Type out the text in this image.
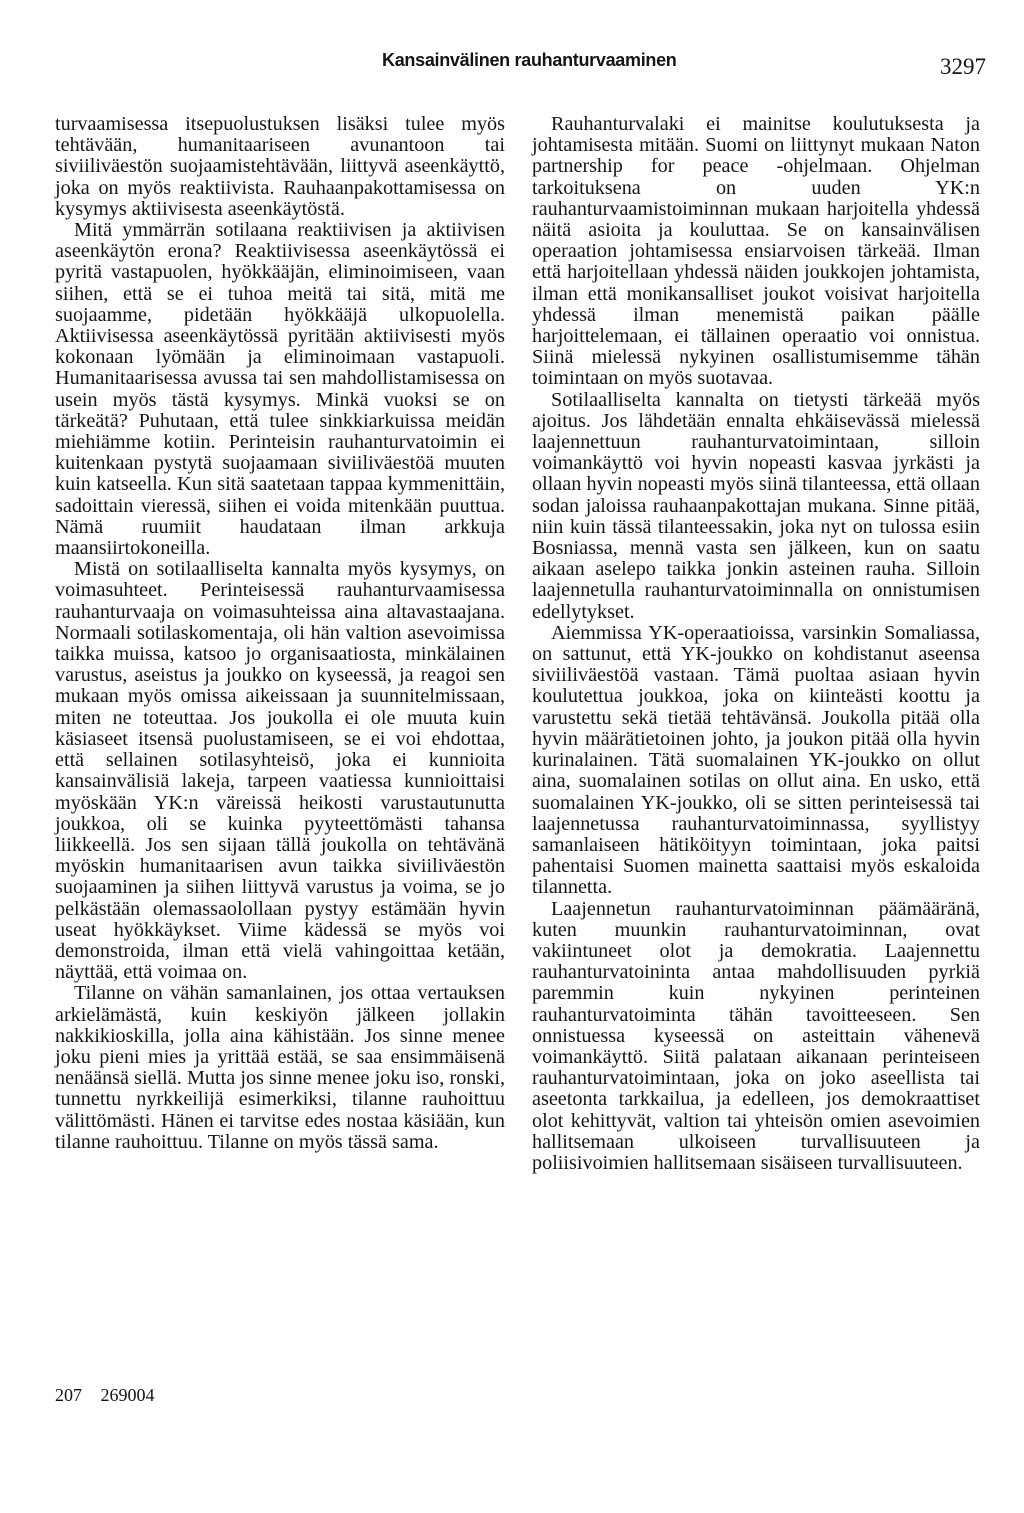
Kansainvälinen rauhanturvaaminen	3297

turvaamisessa itsepuolustuksen lisäksi tulee myös tehtävään, humanitaariseen avunantoon tai siviiliväestön suojaamistehtävään, liittyvä aseenkäyttö, joka on myös reaktiivista. Rauhaanpakottamisessa on kysymys aktiivisesta aseenkäytöstä.

Mitä ymmärrän sotilaana reaktiivisen ja aktiivisen aseenkäytön erona? Reaktiivisessa aseenkäytössä ei pyritä vastapuolen, hyökkääjän, eliminoimiseen, vaan siihen, että se ei tuhoa meitä tai sitä, mitä me suojaamme, pidetään hyökkääjä ulkopuolella. Aktiivisessa aseenkäytössä pyritään aktiivisesti myös kokonaan lyömään ja eliminoimaan vastapuoli. Humanitaarisessa avussa tai sen mahdollistamisessa on usein myös tästä kysymys. Minkä vuoksi se on tärkeätä? Puhutaan, että tulee sinkkiarkuissa meidän miehiämme kotiin. Perinteisin rauhanturvatoimin ei kuitenkaan pystytä suojaamaan siviiliväestöä muuten kuin katseella. Kun sitä saatetaan tappaa kymmenittäin, sadoittain vieressä, siihen ei voida mitenkään puuttua. Nämä ruumiit haudataan ilman arkkuja maansiirtokoneilla.

Mistä on sotilaalliselta kannalta myös kysymys, on voimasuhteet. Perinteisessä rauhanturvaamisessa rauhanturvaaja on voimasuhteissa aina altavastaajana. Normaali sotilaskomentaja, oli hän valtion asevoimissa taikka muissa, katsoo jo organisaatiosta, minkälainen varustus, aseistus ja joukko on kyseessä, ja reagoi sen mukaan myös omissa aikeissaan ja suunnitelmissaan, miten ne toteuttaa. Jos joukolla ei ole muuta kuin käsiaseet itsensä puolustamiseen, se ei voi ehdottaa, että sellainen sotilasyhteisö, joka ei kunnioita kansainvälisiä lakeja, tarpeen vaatiessa kunnioittaisi myöskään YK:n väreissä heikosti varustautunutta joukkoa, oli se kuinka pyyteettömästi tahansa liikkeellä. Jos sen sijaan tällä joukolla on tehtävänä myöskin humanitaarisen avun taikka siviiliväestön suojaaminen ja siihen liittyvä varustus ja voima, se jo pelkästään olemassaolollaan pystyy estämään hyvin useat hyökkäykset. Viime kädessä se myös voi demonstroida, ilman että vielä vahingoittaa ketään, näyttää, että voimaa on.

Tilanne on vähän samanlainen, jos ottaa vertauksen arkielämästä, kuin keskiyön jälkeen jollakin nakkikioskilla, jolla aina kähistään. Jos sinne menee joku pieni mies ja yrittää estää, se saa ensimmäisenä nenäänsä siellä. Mutta jos sinne menee joku iso, ronski, tunnettu nyrkkeilijä esimerkiksi, tilanne rauhoittuu välittömästi. Hänen ei tarvitse edes nostaa käsiään, kun tilanne rauhoittuu. Tilanne on myös tässä sama.

Rauhanturvalaki ei mainitse koulutuksesta ja johtamisesta mitään. Suomi on liittynyt mukaan Naton partnership for peace -ohjelmaan. Ohjelman tarkoituksena on uuden YK:n rauhanturvaamistoiminnan mukaan harjoitella yhdessä näitä asioita ja kouluttaa. Se on kansainvälisen operaation johtamisessa ensiarvoisen tärkeää. Ilman että harjoitellaan yhdessä näiden joukkojen johtamista, ilman että monikansalliset joukot voisivat harjoitella yhdessä ilman menemistä paikan päälle harjoittelemaan, ei tällainen operaatio voi onnistua. Siinä mielessä nykyinen osallistumisemme tähän toimintaan on myös suotavaa.

Sotilaalliselta kannalta on tietysti tärkeää myös ajoitus. Jos lähdetään ennalta ehkäisevässä mielessä laajennettuun rauhanturvatoimintaan, silloin voimankäyttö voi hyvin nopeasti kasvaa jyrkästi ja ollaan hyvin nopeasti myös siinä tilanteessa, että ollaan sodan jaloissa rauhaanpakottajan mukana. Sinne pitää, niin kuin tässä tilanteessakin, joka nyt on tulossa esiin Bosniassa, mennä vasta sen jälkeen, kun on saatu aikaan aselepo taikka jonkin asteinen rauha. Silloin laajennetulla rauhanturvatoiminnalla on onnistumisen edellytykset.

Aiemmissa YK-operaatioissa, varsinkin Somaliassa, on sattunut, että YK-joukko on kohdistanut aseensa siviiliväestöä vastaan. Tämä puoltaa asiaan hyvin koulutettua joukkoa, joka on kiinteästi koottu ja varustettu sekä tietää tehtävänsä. Joukolla pitää olla hyvin määrätietoinen johto, ja joukon pitää olla hyvin kurinalainen. Tätä suomalainen YK-joukko on ollut aina, suomalainen sotilas on ollut aina. En usko, että suomalainen YK-joukko, oli se sitten perinteisessä tai laajennetussa rauhanturvatoiminnassa, syyllistyy samanlaiseen hätiköityyn toimintaan, joka paitsi pahentaisi Suomen mainetta saattaisi myös eskaloida tilannetta.

Laajennetun rauhanturvatoiminnan päämääränä, kuten muunkin rauhanturvatoiminnan, ovat vakiintuneet olot ja demokratia. Laajennettu rauhanturvatoininta antaa mahdollisuuden pyrkiä paremmin kuin nykyinen perinteinen rauhanturvatoiminta tähän tavoitteeseen. Sen onnistuessa kyseessä on asteittain vähenevä voimankäyttö. Siitä palataan aikanaan perinteiseen rauhanturvatoimintaan, joka on joko aseellista tai aseetonta tarkkailua, ja edelleen, jos demokraattiset olot kehittyvät, valtion tai yhteisön omien asevoimien hallitsemaan ulkoiseen turvallisuuteen ja poliisivoimien hallitsemaan sisäiseen turvallisuuteen.

207 269004
